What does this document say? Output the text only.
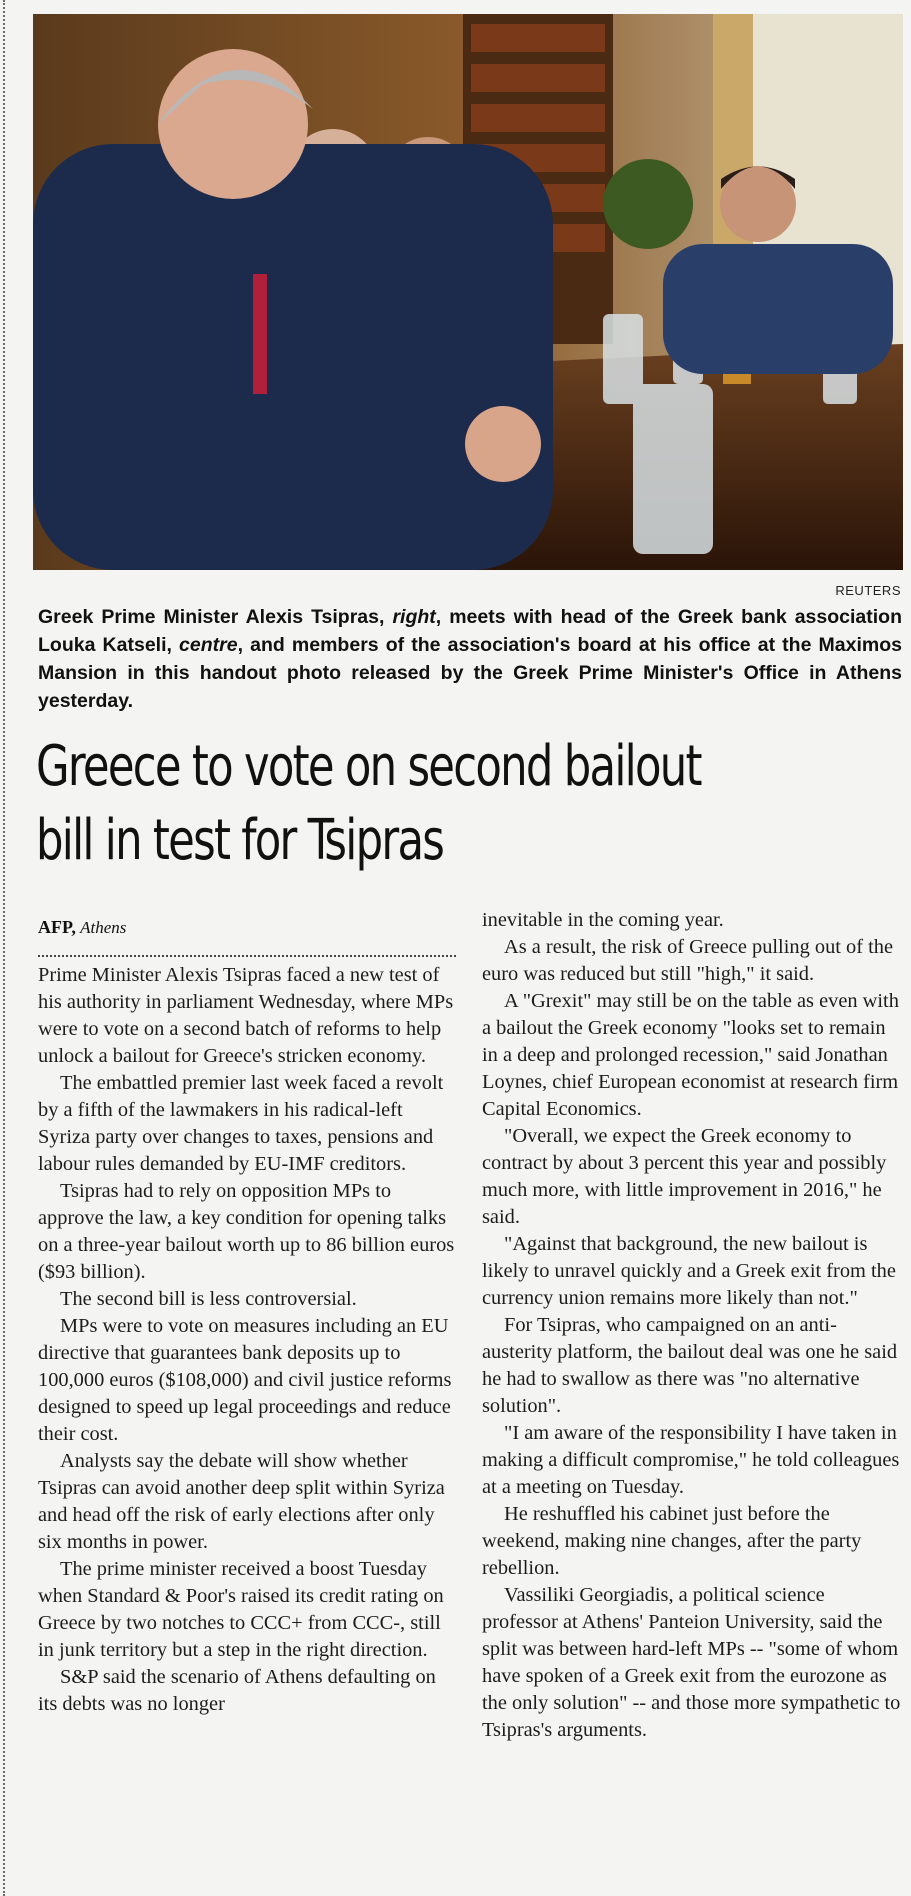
REUTERS
Greek Prime Minister Alexis Tsipras, right, meets with head of the Greek bank association Louka Katseli, centre, and members of the association's board at his office at the Maximos Mansion in this handout photo released by the Greek Prime Minister's Office in Athens yesterday.
Greece to vote on second bailout
bill in test for Tsipras
AFP, Athens

Prime Minister Alexis Tsipras faced a new test of his authority in parliament Wednesday, where MPs were to vote on a second batch of reforms to help unlock a bailout for Greece's stricken economy.

The embattled premier last week faced a revolt by a fifth of the lawmakers in his radical-left Syriza party over changes to taxes, pensions and labour rules demanded by EU-IMF creditors.

Tsipras had to rely on opposition MPs to approve the law, a key condition for opening talks on a three-year bailout worth up to 86 billion euros ($93 billion).

The second bill is less controversial.

MPs were to vote on measures including an EU directive that guarantees bank deposits up to 100,000 euros ($108,000) and civil justice reforms designed to speed up legal proceedings and reduce their cost.

Analysts say the debate will show whether Tsipras can avoid another deep split within Syriza and head off the risk of early elections after only six months in power.

The prime minister received a boost Tuesday when Standard & Poor's raised its credit rating on Greece by two notches to CCC+ from CCC-, still in junk territory but a step in the right direction.

S&P said the scenario of Athens defaulting on its debts was no longer

inevitable in the coming year.

As a result, the risk of Greece pulling out of the euro was reduced but still "high," it said.

A "Grexit" may still be on the table as even with a bailout the Greek economy "looks set to remain in a deep and prolonged recession," said Jonathan Loynes, chief European economist at research firm Capital Economics.

"Overall, we expect the Greek economy to contract by about 3 percent this year and possibly much more, with little improvement in 2016," he said.

"Against that background, the new bailout is likely to unravel quickly and a Greek exit from the currency union remains more likely than not."

For Tsipras, who campaigned on an anti-austerity platform, the bailout deal was one he said he had to swallow as there was "no alternative solution".

"I am aware of the responsibility I have taken in making a difficult compromise," he told colleagues at a meeting on Tuesday.

He reshuffled his cabinet just before the weekend, making nine changes, after the party rebellion.

Vassiliki Georgiadis, a political science professor at Athens' Panteion University, said the split was between hard-left MPs -- "some of whom have spoken of a Greek exit from the eurozone as the only solution" -- and those more sympathetic to Tsipras's arguments.
